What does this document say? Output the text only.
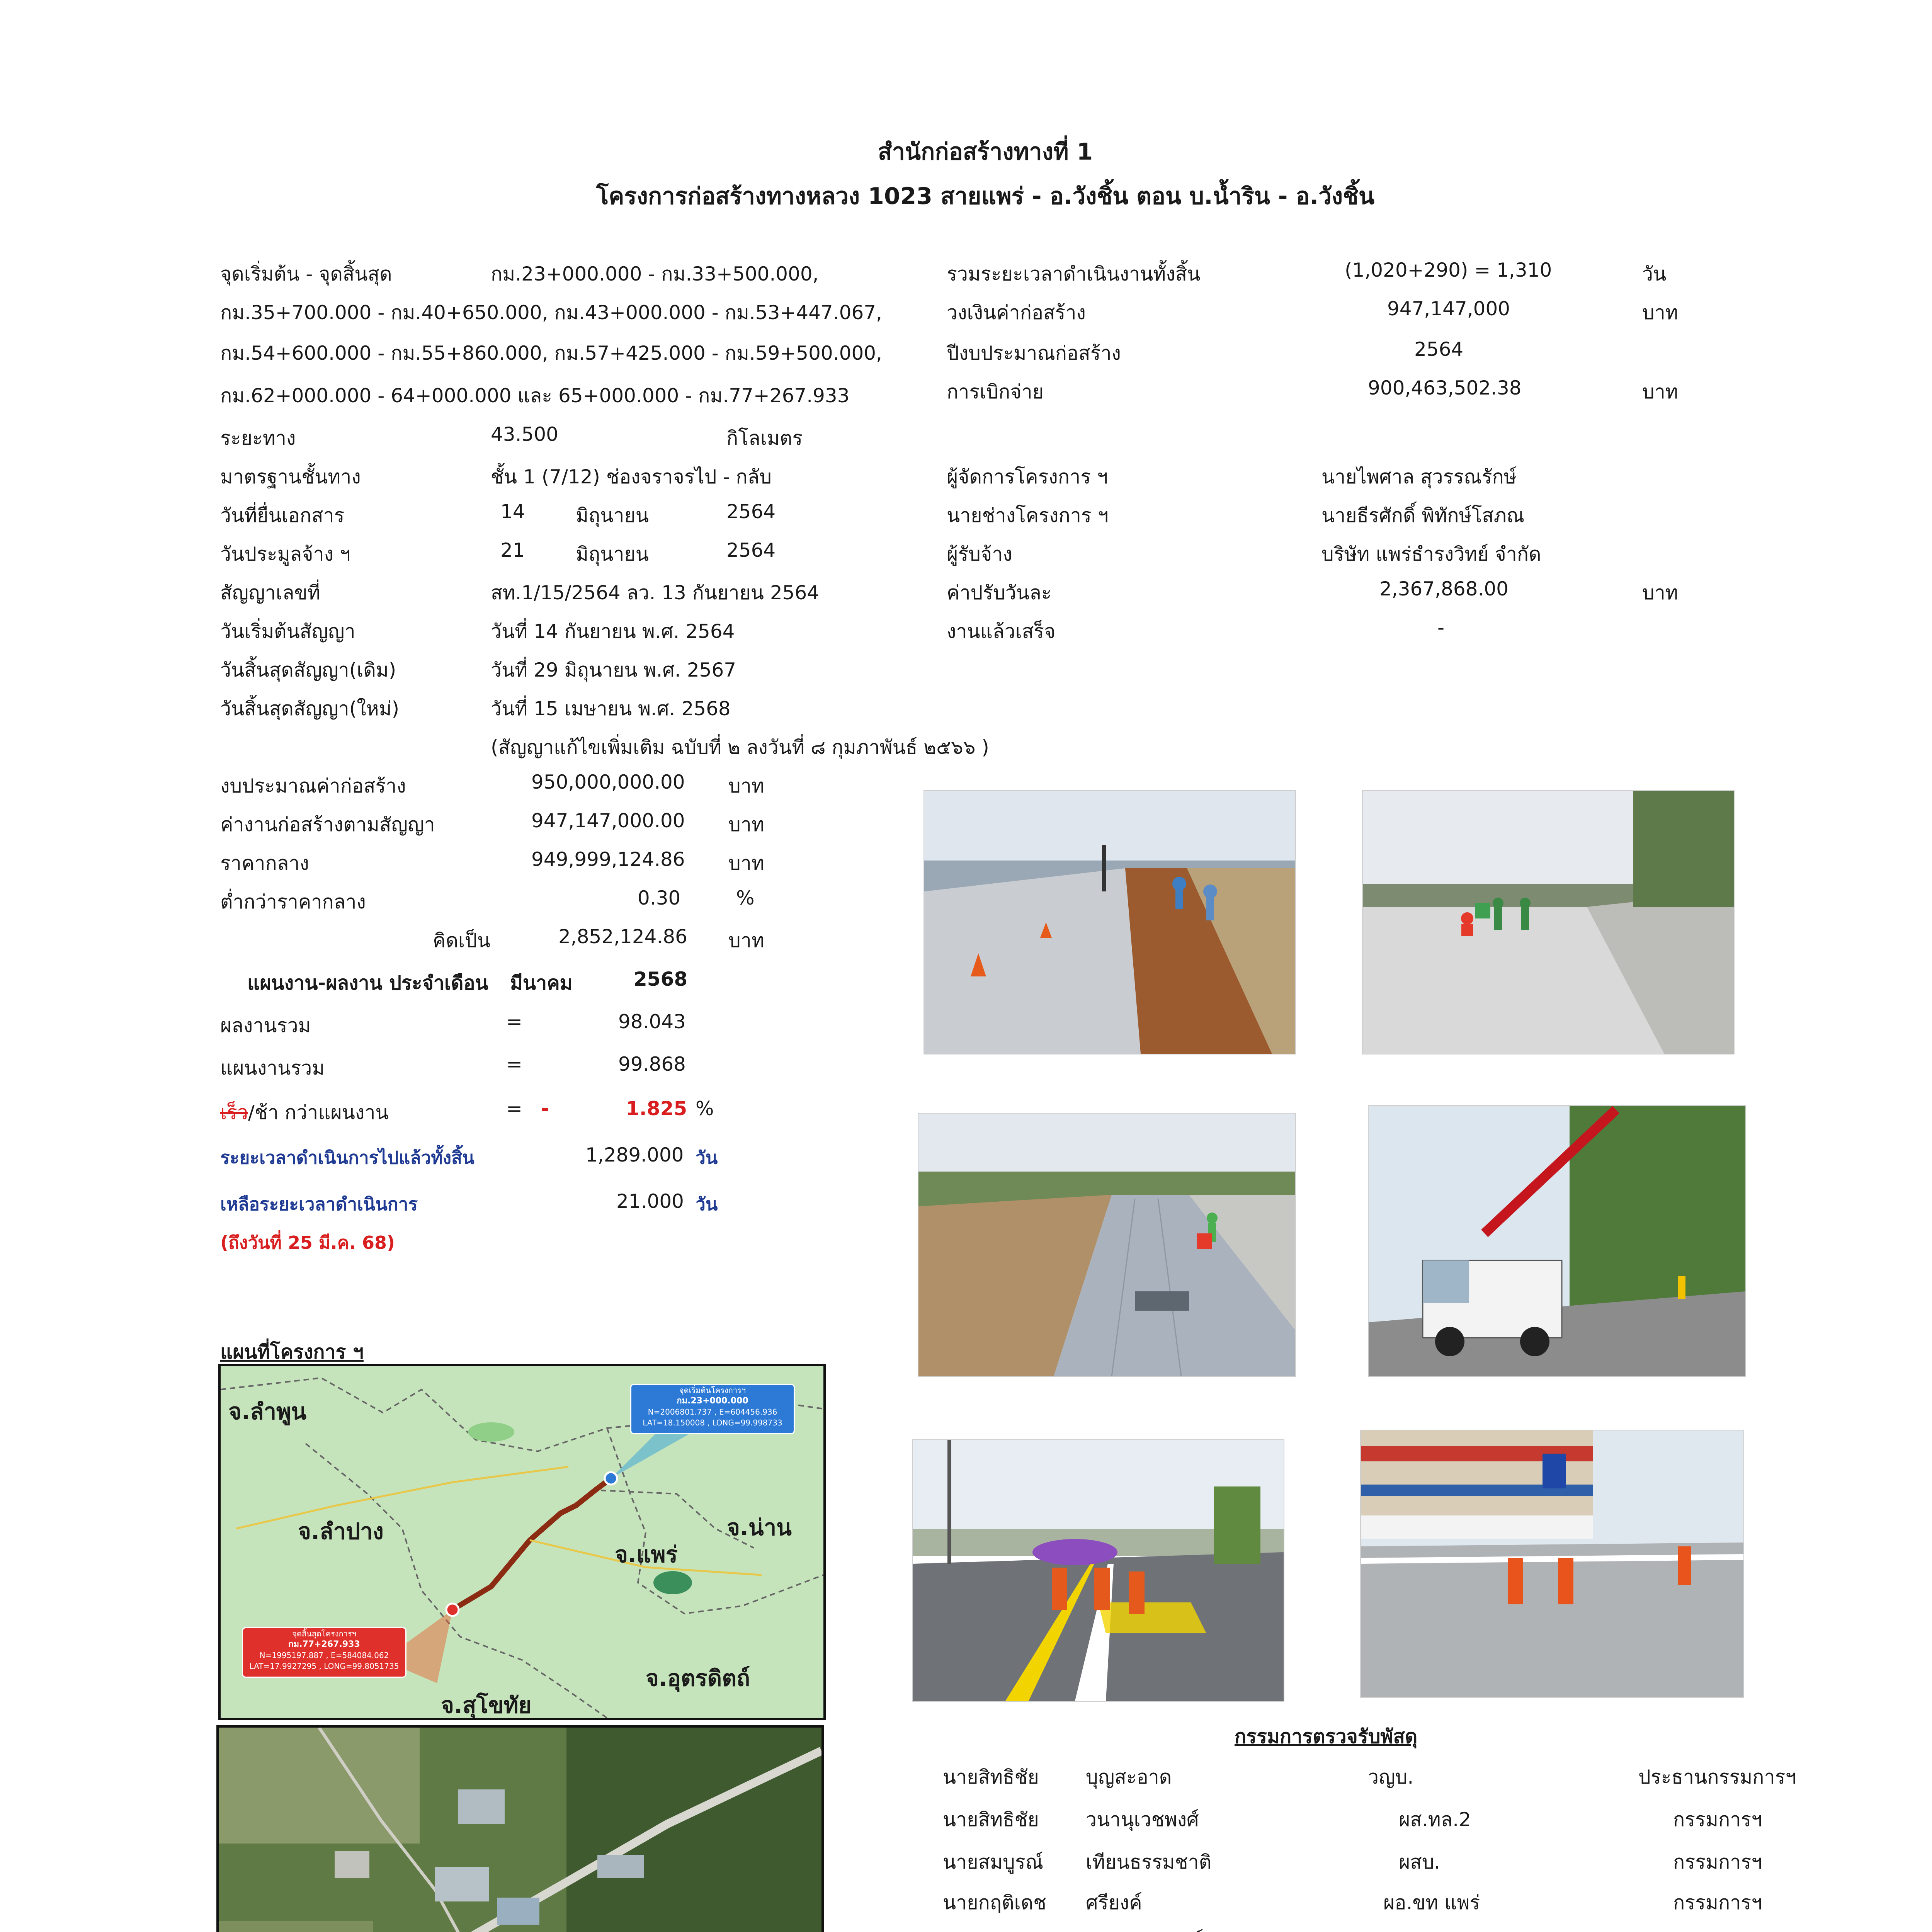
สำนักก่อสร้างทางที่ 1
โครงการก่อสร้างทางหลวง 1023 สายแพร่ - อ.วังชิ้น ตอน บ.น้ำริน - อ.วังชิ้น
จุดเริ่มต้น - จุดสิ้นสุด	กม.23+000.000 - กม.33+500.000,
กม.35+700.000 - กม.40+650.000, กม.43+000.000 - กม.53+447.067,
กม.54+600.000 - กม.55+860.000, กม.57+425.000 - กม.59+500.000,
กม.62+000.000 - 64+000.000 และ 65+000.000 - กม.77+267.933
ระยะทาง	43.500	กิโลเมตร
มาตรฐานชั้นทาง	ชั้น 1 (7/12) ช่องจราจรไป - กลับ
วันที่ยื่นเอกสาร	14	มิถุนายน	2564
วันประมูลจ้าง ฯ	21	มิถุนายน	2564
สัญญาเลขที่	สท.1/15/2564 ลว. 13 กันยายน 2564
วันเริ่มต้นสัญญา	วันที่ 14 กันยายน พ.ศ. 2564
วันสิ้นสุดสัญญา(เดิม)	วันที่ 29 มิถุนายน พ.ศ. 2567
วันสิ้นสุดสัญญา(ใหม่)	วันที่ 15 เมษายน พ.ศ. 2568
(สัญญาแก้ไขเพิ่มเติม ฉบับที่ ๒ ลงวันที่ ๘ กุมภาพันธ์ ๒๕๖๖ )
รวมระยะเวลาดำเนินงานทั้งสิ้น	(1,020+290) = 1,310	วัน
วงเงินค่าก่อสร้าง	947,147,000	บาท
ปีงบประมาณก่อสร้าง	2564
การเบิกจ่าย	900,463,502.38	บาท
ผู้จัดการโครงการ ฯ	นายไพศาล สุวรรณรักษ์
นายช่างโครงการ ฯ	นายธีรศักดิ์ พิทักษ์โสภณ
ผู้รับจ้าง	บริษัท แพร่ธำรงวิทย์ จำกัด
ค่าปรับวันละ	2,367,868.00	บาท
งานแล้วเสร็จ	-
งบประมาณค่าก่อสร้าง	950,000,000.00 บาท
ค่างานก่อสร้างตามสัญญา	947,147,000.00 บาท
ราคากลาง	949,999,124.86 บาท
ต่ำกว่าราคากลาง	0.30	%
คิดเป็น	2,852,124.86 บาท
แผนงาน-ผลงาน ประจำเดือน มีนาคม	2568
ผลงานรวม	=	98.043
แผนงานรวม	=	99.868
เร็ว/ช้า กว่าแผนงาน	= -	1.825 %
ระยะเวลาดำเนินการไปแล้วทั้งสิ้น	1,289.000 วัน
เหลือระยะเวลาดำเนินการ	21.000 วัน
(ถึงวันที่ 25 มี.ค. 68)
แผนที่โครงการ ฯ
จ.ลำพูน
จ.ลำปาง
จ.แพร่
จ.น่าน
จ.อุตรดิตถ์
จ.สุโขทัย
จุดเริ่มต้นโครงการฯ
กม.23+000.000
N=2006801.737 , E=604456.936
LAT=18.150008 , LONG=99.998733
จุดสิ้นสุดโครงการฯ
กม.77+267.933
N=1995197.887 , E=584084.062
LAT=17.9927295 , LONG=99.8051735
กรรมการตรวจรับพัสดุ
นายสิทธิชัย บุญสะอาด	วญบ.	ประธานกรรมการฯ
นายสิทธิชัย วนานุเวชพงศ์	ผส.ทล.2	กรรมการฯ
นายสมบูรณ์ เทียนธรรมชาติ	ผสบ.	กรรมการฯ
นายกฤติเดช ศรียงค์	ผอ.ขท แพร่	กรรมการฯ
